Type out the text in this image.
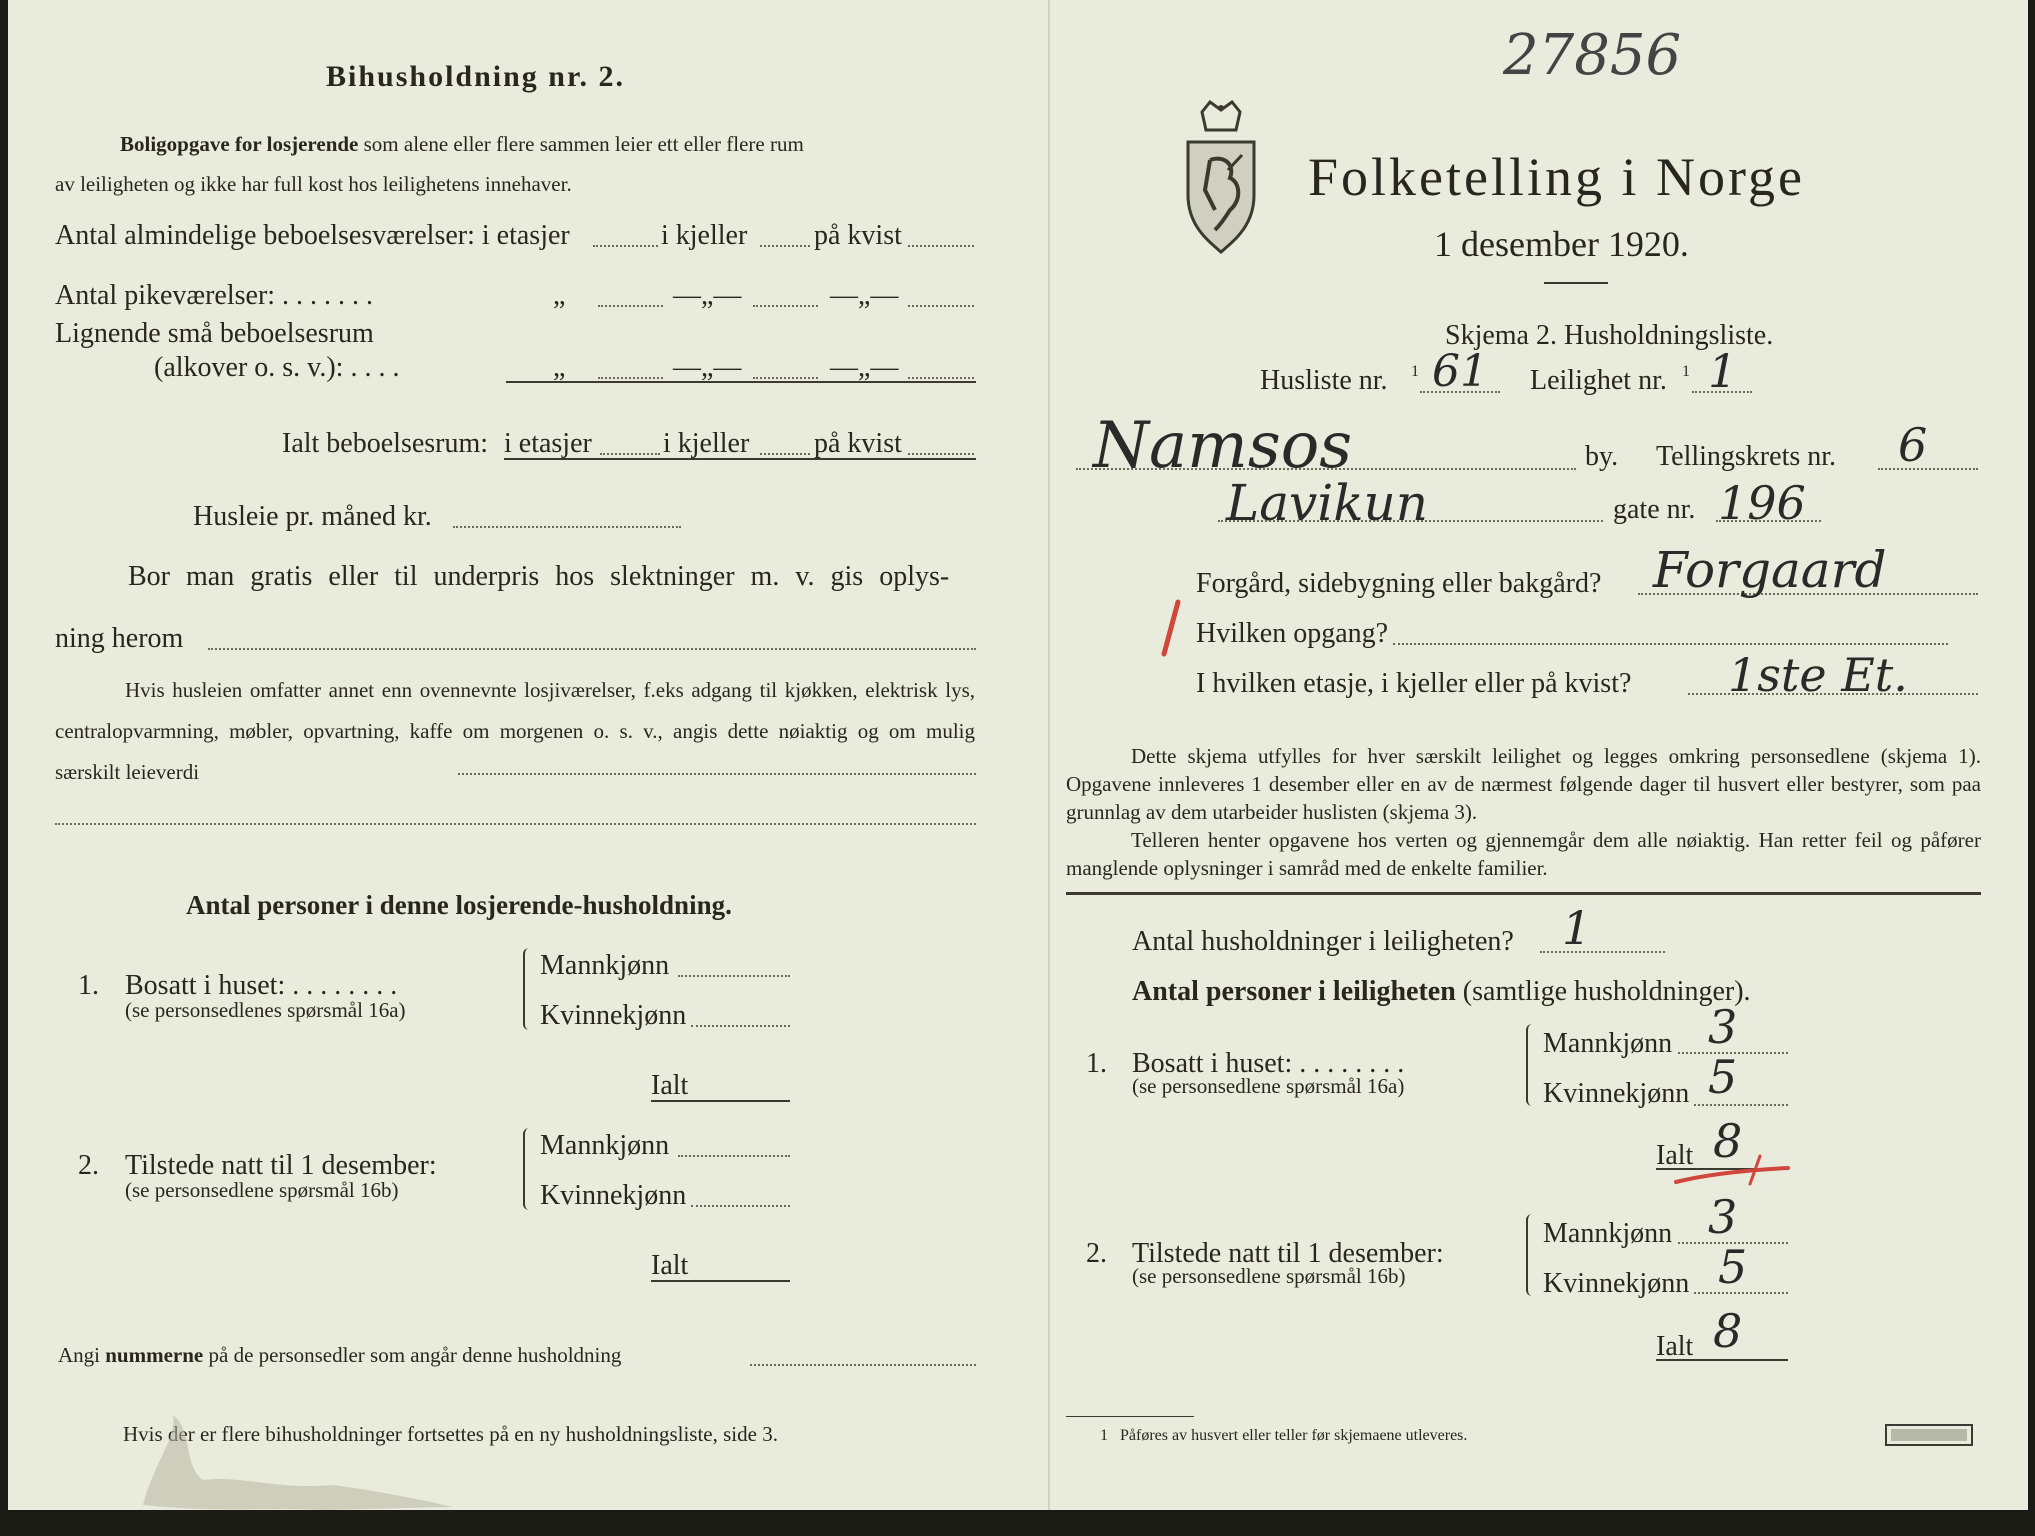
27856
Bihusholdning nr. 2.
Boligopgave for losjerende som alene eller flere sammen leier ett eller flere rum
av leiligheten og ikke har full kost hos leilighetens innehaver.
Antal almindelige beboelsesværelser: i etasjer	i kjeller på kvist
Antal pikeværelser: . . . . . . .	„	—„—	—„—
Lignende små beboelsesrum
(alkover o. s. v.): . . . .	„	—„—	—„—
Ialt beboelsesrum: i etasjer	i kjeller på kvist
Husleie pr. måned kr.
Bor man gratis eller til underpris hos slektninger m. v. gis oplys-
ning herom

Hvis husleien omfatter annet enn ovennevnte losjiværelser, f.eks adgang til kjøkken, elektrisk lys, centralopvarmning, møbler, opvartning, kaffe om morgenen o. s. v., angis dette nøiaktig og om mulig særskilt leieverdi

Antal personer i denne losjerende-husholdning.
1. Bosatt i huset: . . . . . . . .
(se personsedlenes spørsmål 16a)
Mannkjønn
Kvinnekjønn
Ialt
2. Tilstede natt til 1 desember:
(se personsedlene spørsmål 16b)
Mannkjønn
Kvinnekjønn
Ialt
Angi nummerne på de personsedler som angår denne husholdning
Hvis der er flere bihusholdninger fortsettes på en ny husholdningsliste, side 3.
Folketelling i Norge
1 desember 1920.
Skjema 2. Husholdningsliste.
Husliste nr. 1 61 Leilighet nr. 1 1
Namsos	by. Tellingskrets nr. 6
Lavikun	gate nr. 196
Forgård, sidebygning eller bakgård? Forgaard
Hvilken opgang?
I hvilken etasje, i kjeller eller på kvist? 1ste Et.

Dette skjema utfylles for hver særskilt leilighet og legges omkring personsedlene (skjema 1). Opgavene innleveres 1 desember eller en av de nærmest følgende dager til husvert eller bestyrer, som paa grunnlag av dem utarbeider huslisten (skjema 3).

Telleren henter opgavene hos verten og gjennemgår dem alle nøiaktig. Han retter feil og påfører manglende oplysninger i samråd med de enkelte familier.

Antal husholdninger i leiligheten? 1
Antal personer i leiligheten (samtlige husholdninger).
1. Bosatt i huset: . . . . . . . .
(se personsedlene spørsmål 16a)
Mannkjønn 3
Kvinnekjønn 5
Ialt 8
2. Tilstede natt til 1 desember:
(se personsedlene spørsmål 16b)
Mannkjønn 3
Kvinnekjønn 5
Ialt 8
1 Påføres av husvert eller teller før skjemaene utleveres.
